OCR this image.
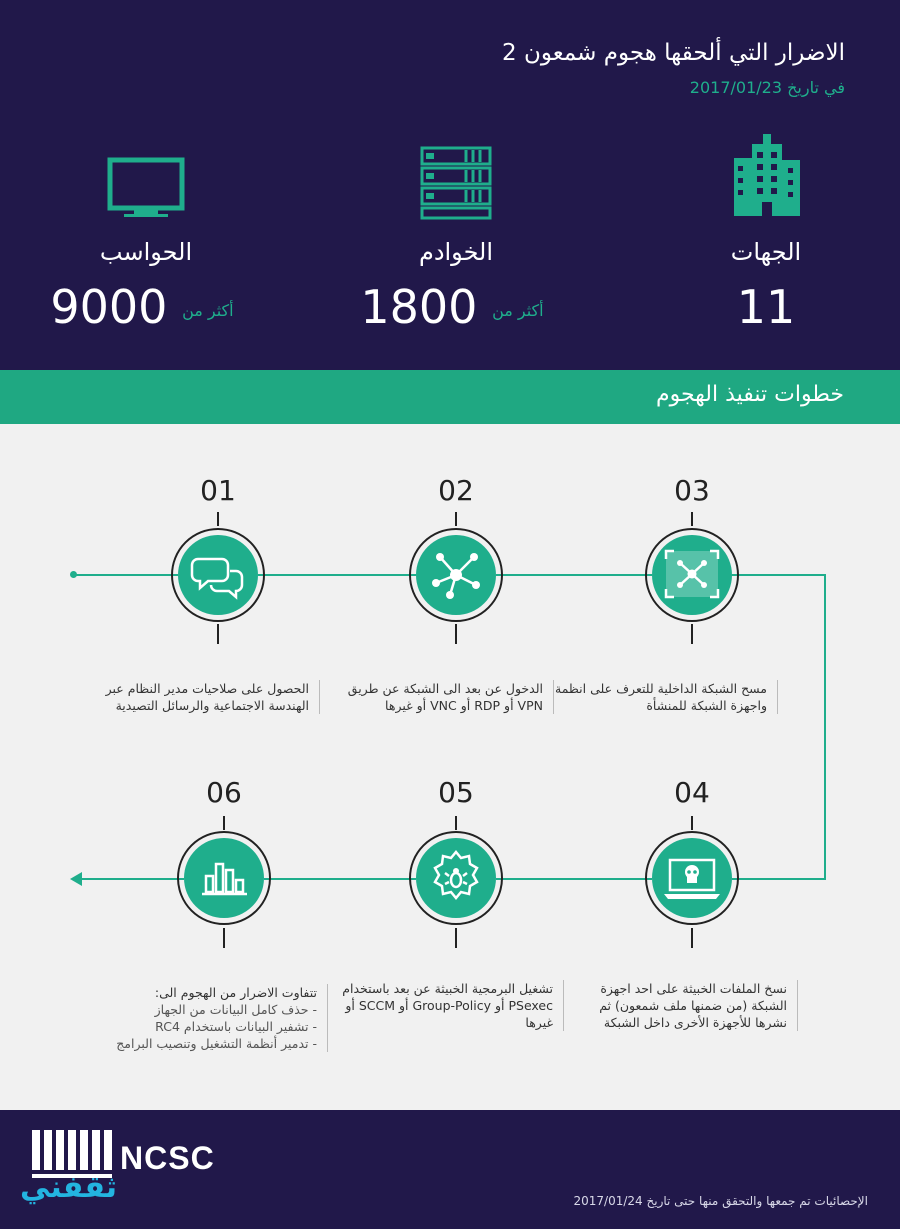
الاضرار التي ألحقها هجوم شمعون 2
في تاريخ 2017/01/23
الجهات
11
الخوادم
1800 أكثر من
الحواسب
9000 أكثر من
خطوات تنفيذ الهجوم
01
الحصول على صلاحيات مدير النظام عبر الهندسة الاجتماعية والرسائل التصيدية
02
الدخول عن بعد الى الشبكة عن طريق VPN أو RDP أو VNC أو غيرها
03
مسح الشبكة الداخلية للتعرف على انظمة واجهزة الشبكة للمنشأة
04
نسخ الملفات الخبيثة على احد اجهزة الشبكة (من ضمنها ملف شمعون) ثم نشرها للأجهزة الأخرى داخل الشبكة
05
تشغيل البرمجية الخبيثة عن بعد باستخدام PSexec أو Group-Policy أو SCCM أو غيرها
06
تتفاوت الاضرار من الهجوم الى:
- حذف كامل البيانات من الجهاز
- تشفير البيانات باستخدام RC4
- تدمير أنظمة التشغيل وتنصيب البرامج
NCSC
ثقفني	الإحصائيات تم جمعها والتحقق منها حتى تاريخ 2017/01/24
